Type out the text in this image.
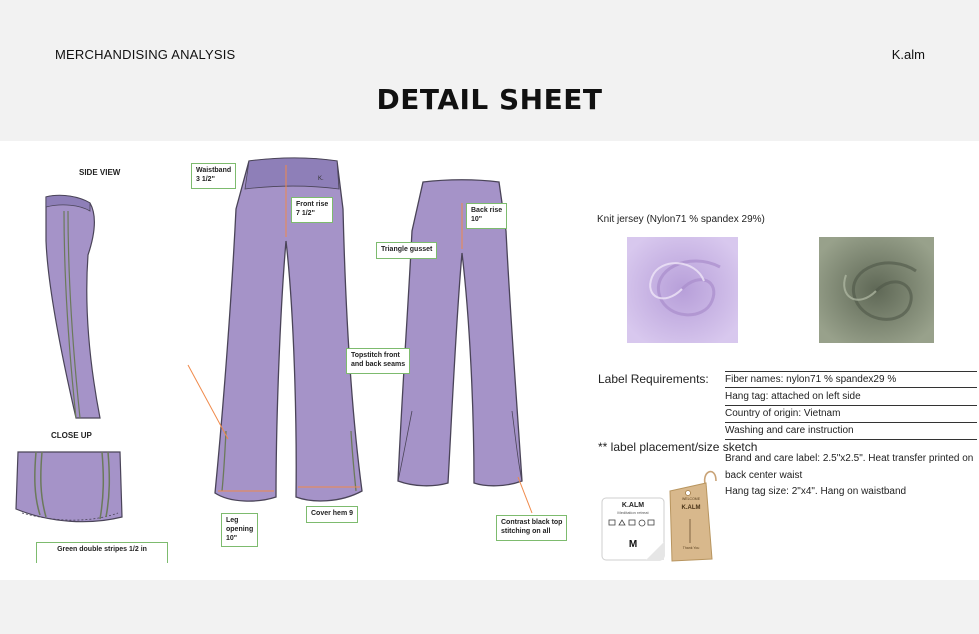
MERCHANDISING ANALYSIS	K.alm
DETAIL SHEET
SIDE VIEW
CLOSE UP
K.
Waistband
3 1/2"
Front rise
7 1/2"	Back rise
10"
Triangle gusset
Topstitch front
and back seams
Leg
opening
10"
Cover hem 9
Contrast black top
stitching on all
Green double stripes 1/2 in
Knit jersey (Nylon71 % spandex 29%)
Label Requirements: Fiber names: nylon71 % spandex29 %
Hang tag: attached on left side
Country of origin: Vietnam
Washing and care instruction
** label placement/size sketch
Brand and care label: 2.5"x2.5". Heat transfer printed on back center waist
Hang tag size: 2"x4". Hang on waistband
K.ALM
Meditation retreat
M
WELCOME
K.ALM
Thank You
